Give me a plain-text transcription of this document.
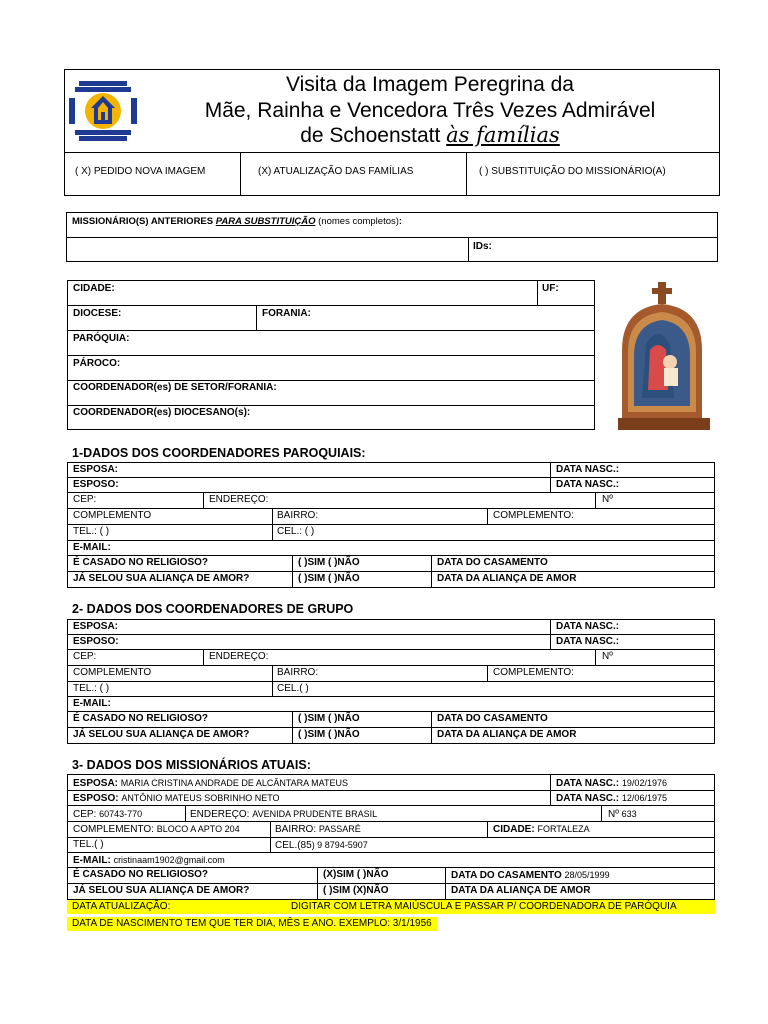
Visita da Imagem Peregrina da
Mãe, Rainha e Vencedora Três Vezes Admirável
de Schoenstatt às famílias
( X) PEDIDO NOVA IMAGEM	(X) ATUALIZAÇÃO DAS FAMÍLIAS	( ) SUBSTITUIÇÃO DO MISSIONÁRIO(A)
MISSIONÁRIO(S) ANTERIORES PARA SUBSTITUIÇÃO (nomes completos):
IDs:
CIDADE:	UF:
DIOCESE:	FORANIA:
PARÓQUIA:
PÁROCO:
COORDENADOR(es) DE SETOR/FORANIA:
COORDENADOR(es) DIOCESANO(s):
1-DADOS DOS COORDENADORES PAROQUIAIS:
ESPOSA:	DATA NASC.:
ESPOSO:	DATA NASC.:
CEP:	ENDEREÇO:	Nº
COMPLEMENTO	BAIRRO:	COMPLEMENTO:
TEL.: ( )	CEL.: ( )
E-MAIL:
É CASADO NO RELIGIOSO?	( )SIM ( )NÃO	DATA DO CASAMENTO
JÁ SELOU SUA ALIANÇA DE AMOR?	( )SIM ( )NÃO	DATA DA ALIANÇA DE AMOR
2- DADOS DOS COORDENADORES DE GRUPO
ESPOSA:	DATA NASC.:
ESPOSO:	DATA NASC.:
CEP:	ENDEREÇO:	Nº
COMPLEMENTO	BAIRRO:	COMPLEMENTO:
TEL.: ( )	CEL.( )
E-MAIL:
É CASADO NO RELIGIOSO?	( )SIM ( )NÃO	DATA DO CASAMENTO
JÁ SELOU SUA ALIANÇA DE AMOR?	( )SIM ( )NÃO	DATA DA ALIANÇA DE AMOR
3- DADOS DOS MISSIONÁRIOS ATUAIS:
ESPOSA: MARIA CRISTINA ANDRADE DE ALCÂNTARA MATEUS	DATA NASC.: 19/02/1976
ESPOSO: ANTÔNIO MATEUS SOBRINHO NETO	DATA NASC.: 12/06/1975
CEP: 60743-770	ENDEREÇO: AVENIDA PRUDENTE BRASIL	Nº 633
COMPLEMENTO: BLOCO A APTO 204	BAIRRO: PASSARÉ	CIDADE: FORTALEZA
TEL.( )	CEL.(85) 9 8794-5907
E-MAIL: cristinaam1902@gmail.com
É CASADO NO RELIGIOSO?	(X)SIM ( )NÃO	DATA DO CASAMENTO 28/05/1999
JÁ SELOU SUA ALIANÇA DE AMOR?	( )SIM (X)NÃO	DATA DA ALIANÇA DE AMOR
DATA ATUALIZAÇÃO:	DIGITAR COM LETRA MAIÚSCULA E PASSAR P/ COORDENADORA DE PARÓQUIA
DATA DE NASCIMENTO TEM QUE TER DIA, MÊS E ANO. EXEMPLO: 3/1/1956
